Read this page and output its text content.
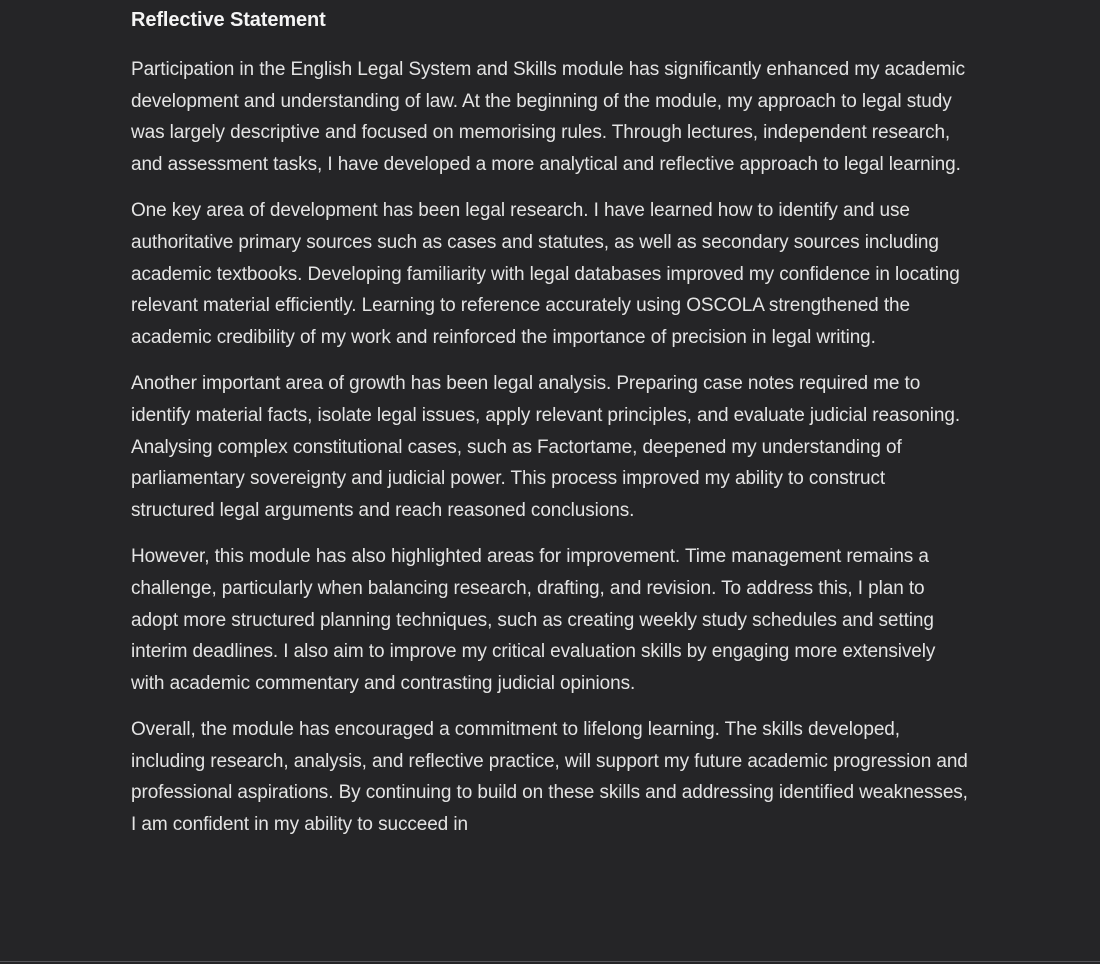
Reflective Statement

Participation in the English Legal System and Skills module has significantly enhanced my academic development and understanding of law. At the beginning of the module, my approach to legal study was largely descriptive and focused on memorising rules. Through lectures, independent research, and assessment tasks, I have developed a more analytical and reflective approach to legal learning.

One key area of development has been legal research. I have learned how to identify and use authoritative primary sources such as cases and statutes, as well as secondary sources including academic textbooks. Developing familiarity with legal databases improved my confidence in locating relevant material efficiently. Learning to reference accurately using OSCOLA strengthened the academic credibility of my work and reinforced the importance of precision in legal writing.

Another important area of growth has been legal analysis. Preparing case notes required me to identify material facts, isolate legal issues, apply relevant principles, and evaluate judicial reasoning. Analysing complex constitutional cases, such as Factortame, deepened my understanding of parliamentary sovereignty and judicial power. This process improved my ability to construct structured legal arguments and reach reasoned conclusions.

However, this module has also highlighted areas for improvement. Time management remains a challenge, particularly when balancing research, drafting, and revision. To address this, I plan to adopt more structured planning techniques, such as creating weekly study schedules and setting interim deadlines. I also aim to improve my critical evaluation skills by engaging more extensively with academic commentary and contrasting judicial opinions.

Overall, the module has encouraged a commitment to lifelong learning. The skills developed, including research, analysis, and reflective practice, will support my future academic progression and professional aspirations. By continuing to build on these skills and addressing identified weaknesses, I am confident in my ability to succeed in
